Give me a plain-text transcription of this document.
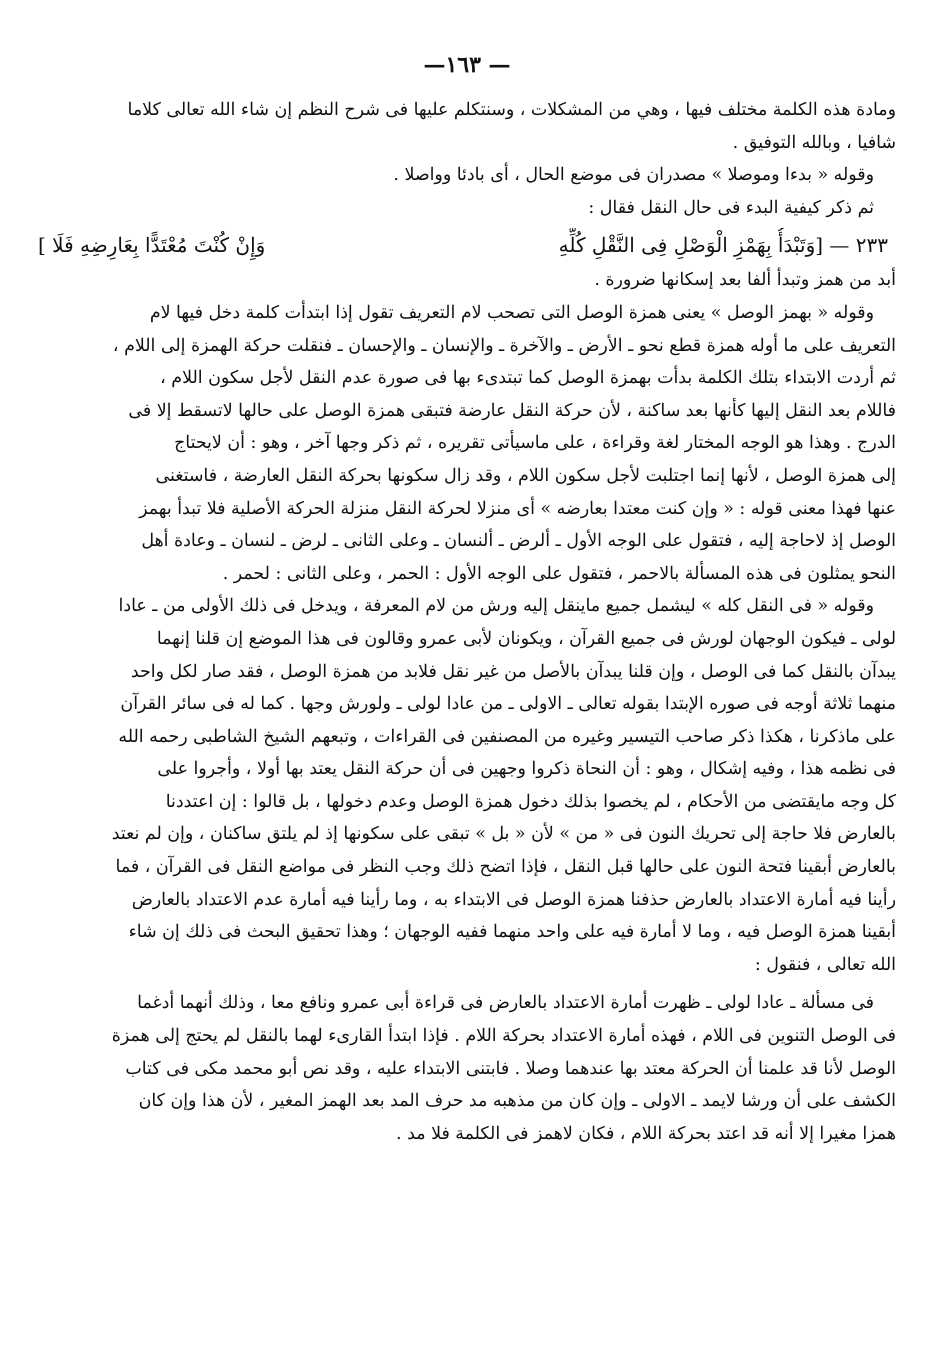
—١٦٣ —
ومادة هذه الكلمة مختلف فيها ، وهي من المشكلات ، وسنتكلم عليها فى شرح النظم إن شاء الله تعالى كلاما
شافيا ، وبالله التوفيق .
وقوله « بدءا وموصلا » مصدران فى موضع الحال ، أى بادئا وواصلا .
ثم ذكر كيفية البدء فى حال النقل فقال :
٢٣٣ — [وَتَبْدَأُ بِهَمْزِ الْوَصْلِ فِى النَّقْلِ كُلِّهِ
وَإِنْ كُنْتَ مُعْتَدًّا بِعَارِضِهِ فَلَا ]
أبد من همز وتبدأ ألفا بعد إسكانها ضرورة .
وقوله « بهمز الوصل » يعنى همزة الوصل التى تصحب لام التعريف تقول إذا ابتدأت كلمة دخل فيها لام
التعريف على ما أوله همزة قطع نحو ـ الأرض ـ والآخرة ـ والإنسان ـ والإحسان ـ فنقلت حركة الهمزة إلى اللام ،
ثم أردت الابتداء بتلك الكلمة بدأت بهمزة الوصل كما تبتدىء بها فى صورة عدم النقل لأجل سكون اللام ،
فاللام بعد النقل إليها كأنها بعد ساكنة ، لأن حركة النقل عارضة فتبقى همزة الوصل على حالها لاتسقط إلا فى
الدرج . وهذا هو الوجه المختار لغة وقراءة ، على ماسيأتى تقريره ، ثم ذكر وجها آخر ، وهو : أن لايحتاج
إلى همزة الوصل ، لأنها إنما اجتلبت لأجل سكون اللام ، وقد زال سكونها بحركة النقل العارضة ، فاستغنى
عنها فهذا معنى قوله : « وإن كنت معتدا بعارضه » أى منزلا لحركة النقل منزلة الحركة الأصلية فلا تبدأ بهمز
الوصل إذ لاحاجة إليه ، فتقول على الوجه الأول ـ ألرض ـ ألنسان ـ وعلى الثانى ـ لرض ـ لنسان ـ وعادة أهل
النحو يمثلون فى هذه المسألة بالاحمر ، فتقول على الوجه الأول : الحمر ، وعلى الثانى : لحمر .
وقوله « فى النقل كله » ليشمل جميع ماينقل إليه ورش من لام المعرفة ، ويدخل فى ذلك الأولى من ـ عادا
لولى ـ فيكون الوجهان لورش فى جميع القرآن ، ويكونان لأبى عمرو وقالون فى هذا الموضع إن قلنا إنهما
يبدآن بالنقل كما فى الوصل ، وإن قلنا يبدآن بالأصل من غير نقل فلابد من همزة الوصل ، فقد صار لكل واحد
منهما ثلاثة أوجه فى صوره الإبتدا بقوله تعالى ـ الاولى ـ من عادا لولى ـ ولورش وجها . كما له فى سائر القرآن
على ماذكرنا ، هكذا ذكر صاحب التيسير وغيره من المصنفين فى القراءات ، وتبعهم الشيخ الشاطبى رحمه الله
فى نظمه هذا ، وفيه إشكال ، وهو : أن النحاة ذكروا وجهين فى أن حركة النقل يعتد بها أولا ، وأجروا على
كل وجه مايقتضى من الأحكام ، لم يخصوا بذلك دخول همزة الوصل وعدم دخولها ، بل قالوا : إن اعتددنا
بالعارض فلا حاجة إلى تحريك النون فى « من » لأن « بل » تبقى على سكونها إذ لم يلتق ساكنان ، وإن لم نعتد
بالعارض أبقينا فتحة النون على حالها قبل النقل ، فإذا اتضح ذلك وجب النظر فى مواضع النقل فى القرآن ، فما
رأينا فيه أمارة الاعتداد بالعارض حذفنا همزة الوصل فى الابتداء به ، وما رأينا فيه أمارة عدم الاعتداد بالعارض
أبقينا همزة الوصل فيه ، وما لا أمارة فيه على واحد منهما ففيه الوجهان ؛ وهذا تحقيق البحث فى ذلك إن شاء
الله تعالى ، فنقول :
فى مسألة ـ عادا لولى ـ ظهرت أمارة الاعتداد بالعارض فى قراءة أبى عمرو ونافع معا ، وذلك أنهما أدغما
فى الوصل التنوين فى اللام ، فهذه أمارة الاعتداد بحركة اللام . فإذا ابتدأ القارىء لهما بالنقل لم يحتج إلى همزة
الوصل لأنا قد علمنا أن الحركة معتد بها عندهما وصلا . فابتنى الابتداء عليه ، وقد نص أبو محمد مكى فى كتاب
الكشف على أن ورشا لايمد ـ الاولى ـ وإن كان من مذهبه مد حرف المد بعد الهمز المغير ، لأن هذا وإن كان
همزا مغيرا إلا أنه قد اعتد بحركة اللام ، فكان لاهمز فى الكلمة فلا مد .
